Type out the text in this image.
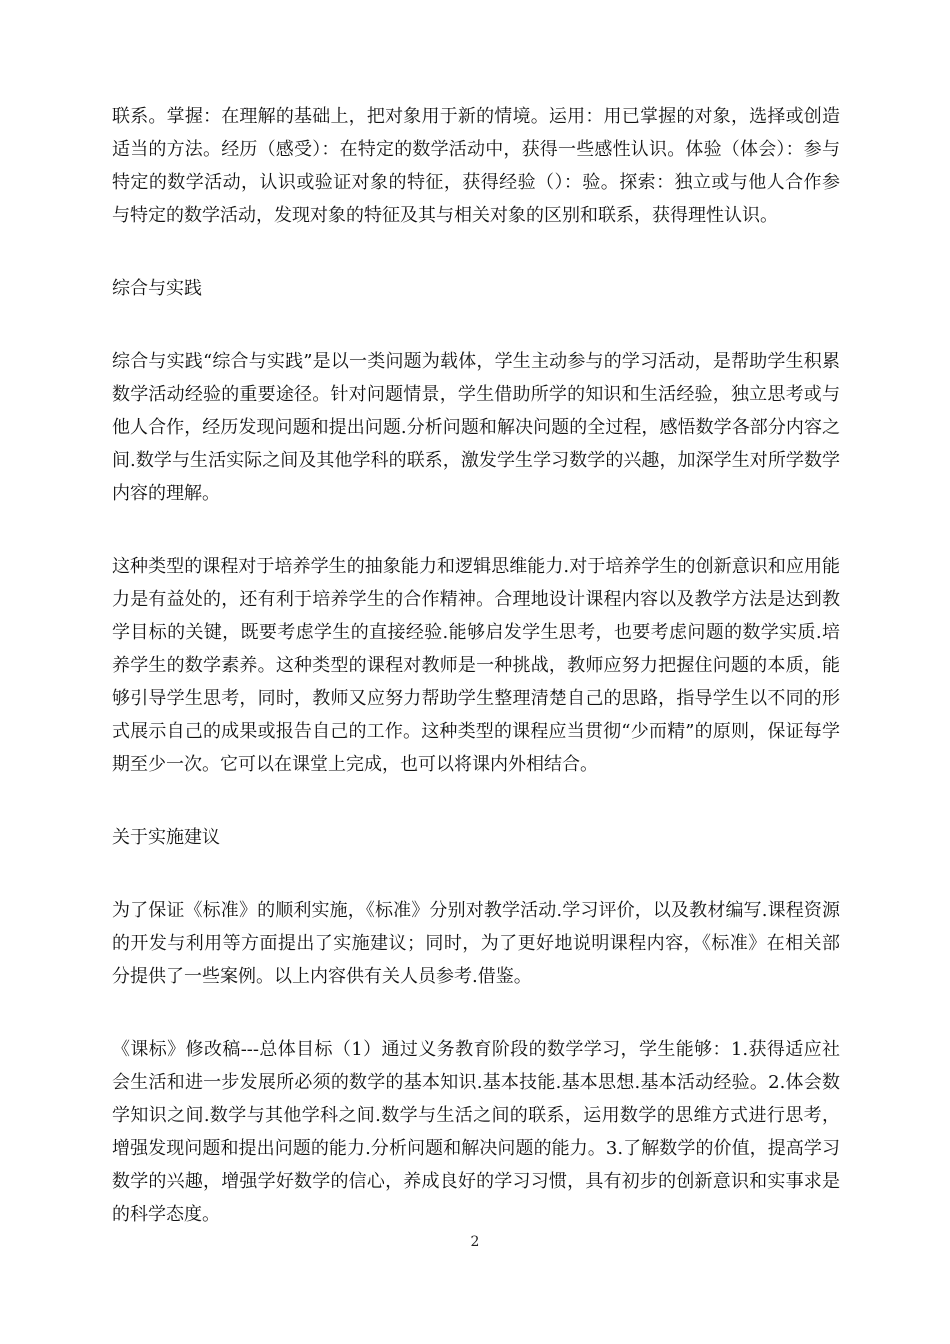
联系。掌握：在理解的基础上，把对象用于新的情境。运用：用已掌握的对象，选择或创造适当的方法。经历（感受）：在特定的数学活动中，获得一些感性认识。体验（体会）：参与特定的数学活动，认识或验证对象的特征，获得经验（）：验。探索：独立或与他人合作参与特定的数学活动，发现对象的特征及其与相关对象的区别和联系，获得理性认识。

综合与实践

综合与实践“综合与实践”是以一类问题为载体，学生主动参与的学习活动，是帮助学生积累数学活动经验的重要途径。针对问题情景，学生借助所学的知识和生活经验，独立思考或与他人合作，经历发现问题和提出问题.分析问题和解决问题的全过程，感悟数学各部分内容之间.数学与生活实际之间及其他学科的联系，激发学生学习数学的兴趣，加深学生对所学数学内容的理解。

这种类型的课程对于培养学生的抽象能力和逻辑思维能力.对于培养学生的创新意识和应用能力是有益处的，还有利于培养学生的合作精神。合理地设计课程内容以及教学方法是达到教学目标的关键，既要考虑学生的直接经验.能够启发学生思考，也要考虑问题的数学实质.培养学生的数学素养。这种类型的课程对教师是一种挑战，教师应努力把握住问题的本质，能够引导学生思考，同时，教师又应努力帮助学生整理清楚自己的思路，指导学生以不同的形式展示自己的成果或报告自己的工作。这种类型的课程应当贯彻“少而精”的原则，保证每学期至少一次。它可以在课堂上完成，也可以将课内外相结合。

关于实施建议

为了保证《标准》的顺利实施，《标准》分别对教学活动.学习评价，以及教材编写.课程资源的开发与利用等方面提出了实施建议；同时，为了更好地说明课程内容，《标准》在相关部分提供了一些案例。以上内容供有关人员参考.借鉴。

《课标》修改稿---总体目标（1）通过义务教育阶段的数学学习，学生能够：1.获得适应社会生活和进一步发展所必须的数学的基本知识.基本技能.基本思想.基本活动经验。2.体会数学知识之间.数学与其他学科之间.数学与生活之间的联系，运用数学的思维方式进行思考，增强发现问题和提出问题的能力.分析问题和解决问题的能力。3.了解数学的价值，提高学习数学的兴趣，增强学好数学的信心，养成良好的学习习惯，具有初步的创新意识和实事求是的科学态度。

2
